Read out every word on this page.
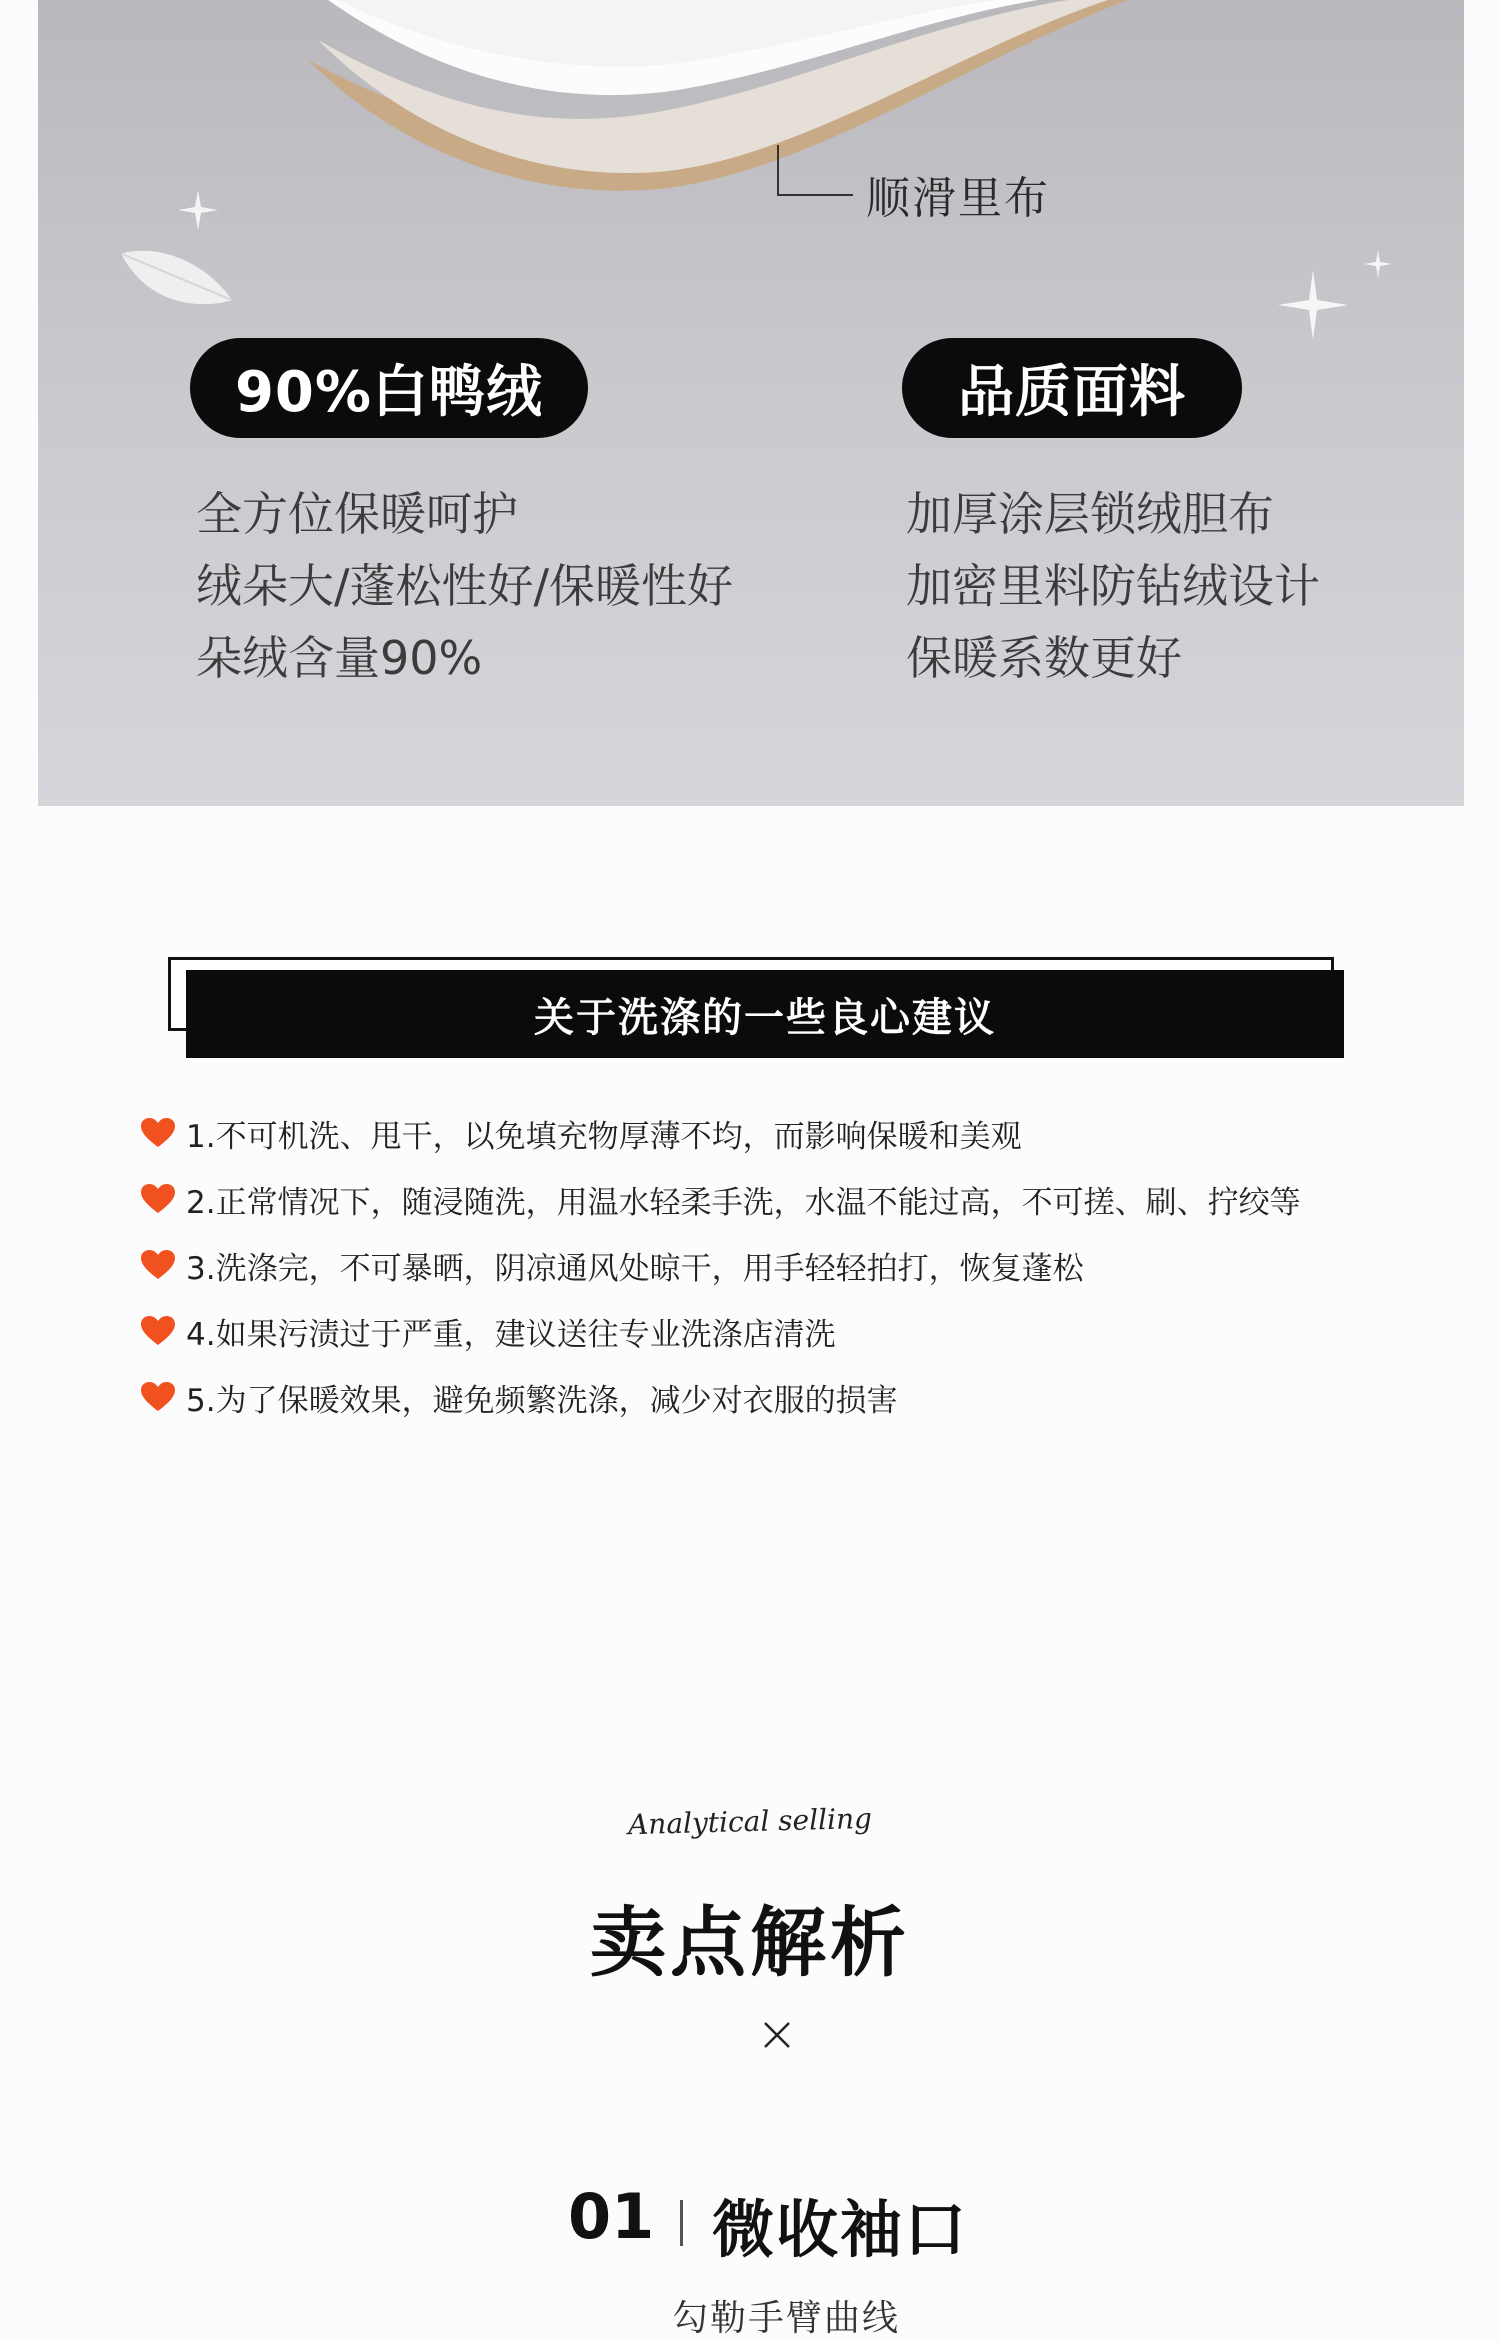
顺滑里布
90%白鸭绒	品质面料
全方位保暖呵护
绒朵大/蓬松性好/保暖性好
朵绒含量90%
加厚涂层锁绒胆布
加密里料防钻绒设计
保暖系数更好
关于洗涤的一些良心建议
1.不可机洗、甩干，以免填充物厚薄不均，而影响保暖和美观
2.正常情况下，随浸随洗，用温水轻柔手洗，水温不能过高，不可搓、刷、拧绞等
3.洗涤完，不可暴晒，阴凉通风处晾干，用手轻轻拍打，恢复蓬松
4.如果污渍过于严重，建议送往专业洗涤店清洗
5.为了保暖效果，避免频繁洗涤，减少对衣服的损害
Analytical selling
卖点解析
01 微收袖口
勾勒手臂曲线
